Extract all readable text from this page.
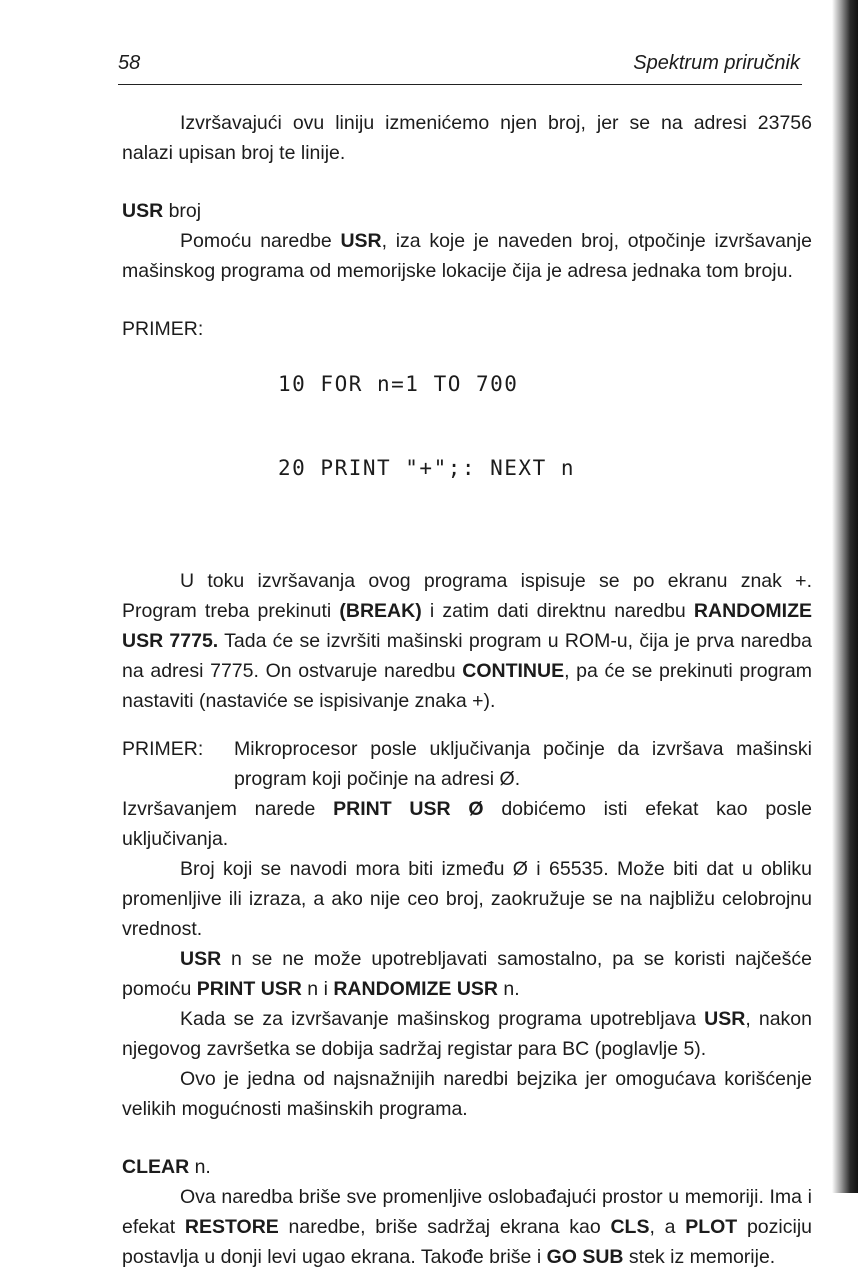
58	Spektrum priručnik

Izvršavajući ovu liniju izmenićemo njen broj, jer se na adresi 23756 nalazi upisan broj te linije.

USR broj

Pomoću naredbe USR, iza koje je naveden broj, otpočinje izvršavanje mašinskog programa od memorijske lokacije čija je adresa jednaka tom broju.

PRIMER:

10 FOR n=1 TO 700

20 PRINT "+";: NEXT n

U toku izvršavanja ovog programa ispisuje se po ekranu znak +. Program treba prekinuti (BREAK) i zatim dati direktnu naredbu RANDOMIZE USR 7775. Tada će se izvršiti mašinski program u ROM-u, čija je prva naredba na adresi 7775. On ostvaruje naredbu CONTINUE, pa će se prekinuti program nastaviti (nastaviće se ispisivanje znaka +).

PRIMER:	Mikroprocesor posle uključivanja počinje da izvršava mašinski program koji počinje na adresi Ø.

Izvršavanjem narede PRINT USR Ø dobićemo isti efekat kao posle uključivanja.

Broj koji se navodi mora biti između Ø i 65535. Može biti dat u obliku promenljive ili izraza, a ako nije ceo broj, zaokružuje se na najbližu celobrojnu vrednost.

USR n se ne može upotrebljavati samostalno, pa se koristi najčešće pomoću PRINT USR n i RANDOMIZE USR n.

Kada se za izvršavanje mašinskog programa upotrebljava USR, nakon njegovog završetka se dobija sadržaj registar para BC (poglavlje 5).

Ovo je jedna od najsnažnijih naredbi bejzika jer omogućava korišćenje velikih mogućnosti mašinskih programa.

CLEAR n.

Ova naredba briše sve promenljive oslobađajući prostor u memoriji. Ima i efekat RESTORE naredbe, briše sadržaj ekrana kao CLS, a PLOT poziciju postavlja u donji levi ugao ekrana. Takođe briše i GO SUB stek iz memorije.
